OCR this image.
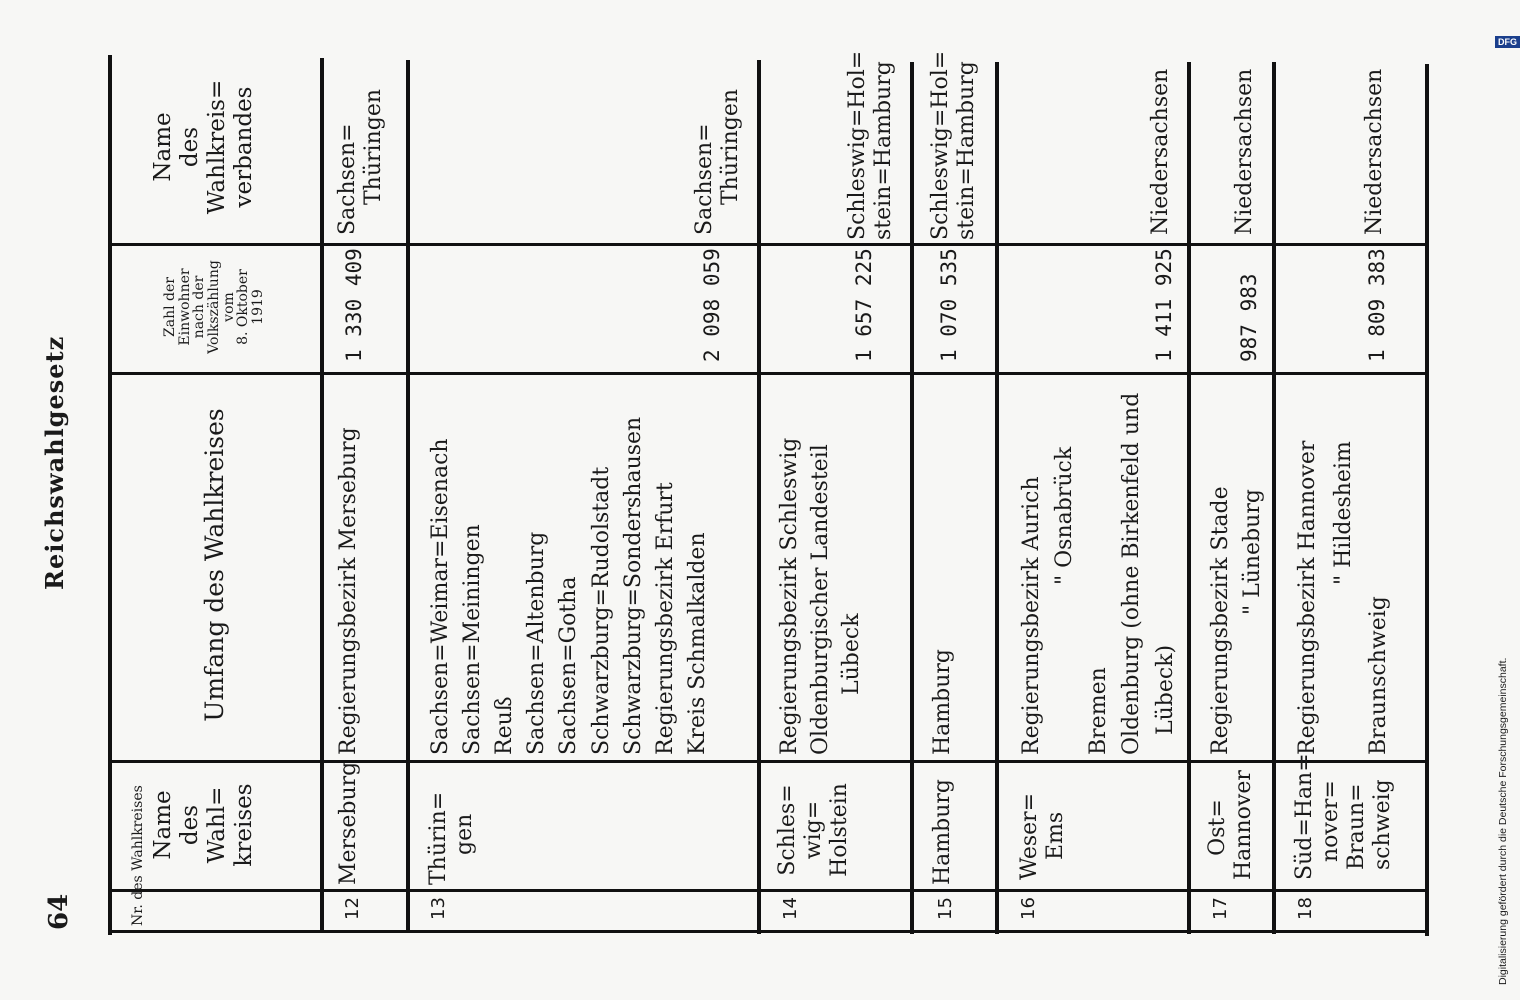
64
Reichswahlgesetz
Digitalisierung gefördert durch die Deutsche Forschungsgemeinschaft.
DFG
Nr. des Wahlkreises Name des Wahl= kreises
Umfang des Wahlkreises
Zahl der
Einwohner
nach der
Volkszählung
vom
8. Oktober
1919
Name des Wahlkreis= verbandes
12
Merseburg
Regierungsbezirk Merseburg
1 330 409
Sachsen= Thüringen
13
Thürin= gen
Sachsen=Weimar=Eisenach Sachsen=Meiningen Reuß Sachsen=Altenburg Sachsen=Gotha Schwarzburg=Rudolstadt Schwarzburg=Sondershausen Regierungsbezirk Erfurt Kreis Schmalkalden
2 098 059
Sachsen= Thüringen
14
Schles= wig= Holstein
Regierungsbezirk Schleswig Oldenburgischer Landesteil Lübeck
1 657 225
Schleswig=Hol= stein=Hamburg
15
Hamburg
Hamburg
1 070 535
Schleswig=Hol= stein=Hamburg
16
Weser= Ems
Regierungsbezirk Aurich " Osnabrück
Bremen Oldenburg (ohne Birkenfeld und Lübeck)
1 411 925
Niedersachsen
17
Ost= Hannover
Regierungsbezirk Stade " Lüneburg
987 983
Niedersachsen
18
Süd=Han= nover= Braun= schweig
Regierungsbezirk Hannover " Hildesheim
Braunschweig
1 809 383
Niedersachsen
